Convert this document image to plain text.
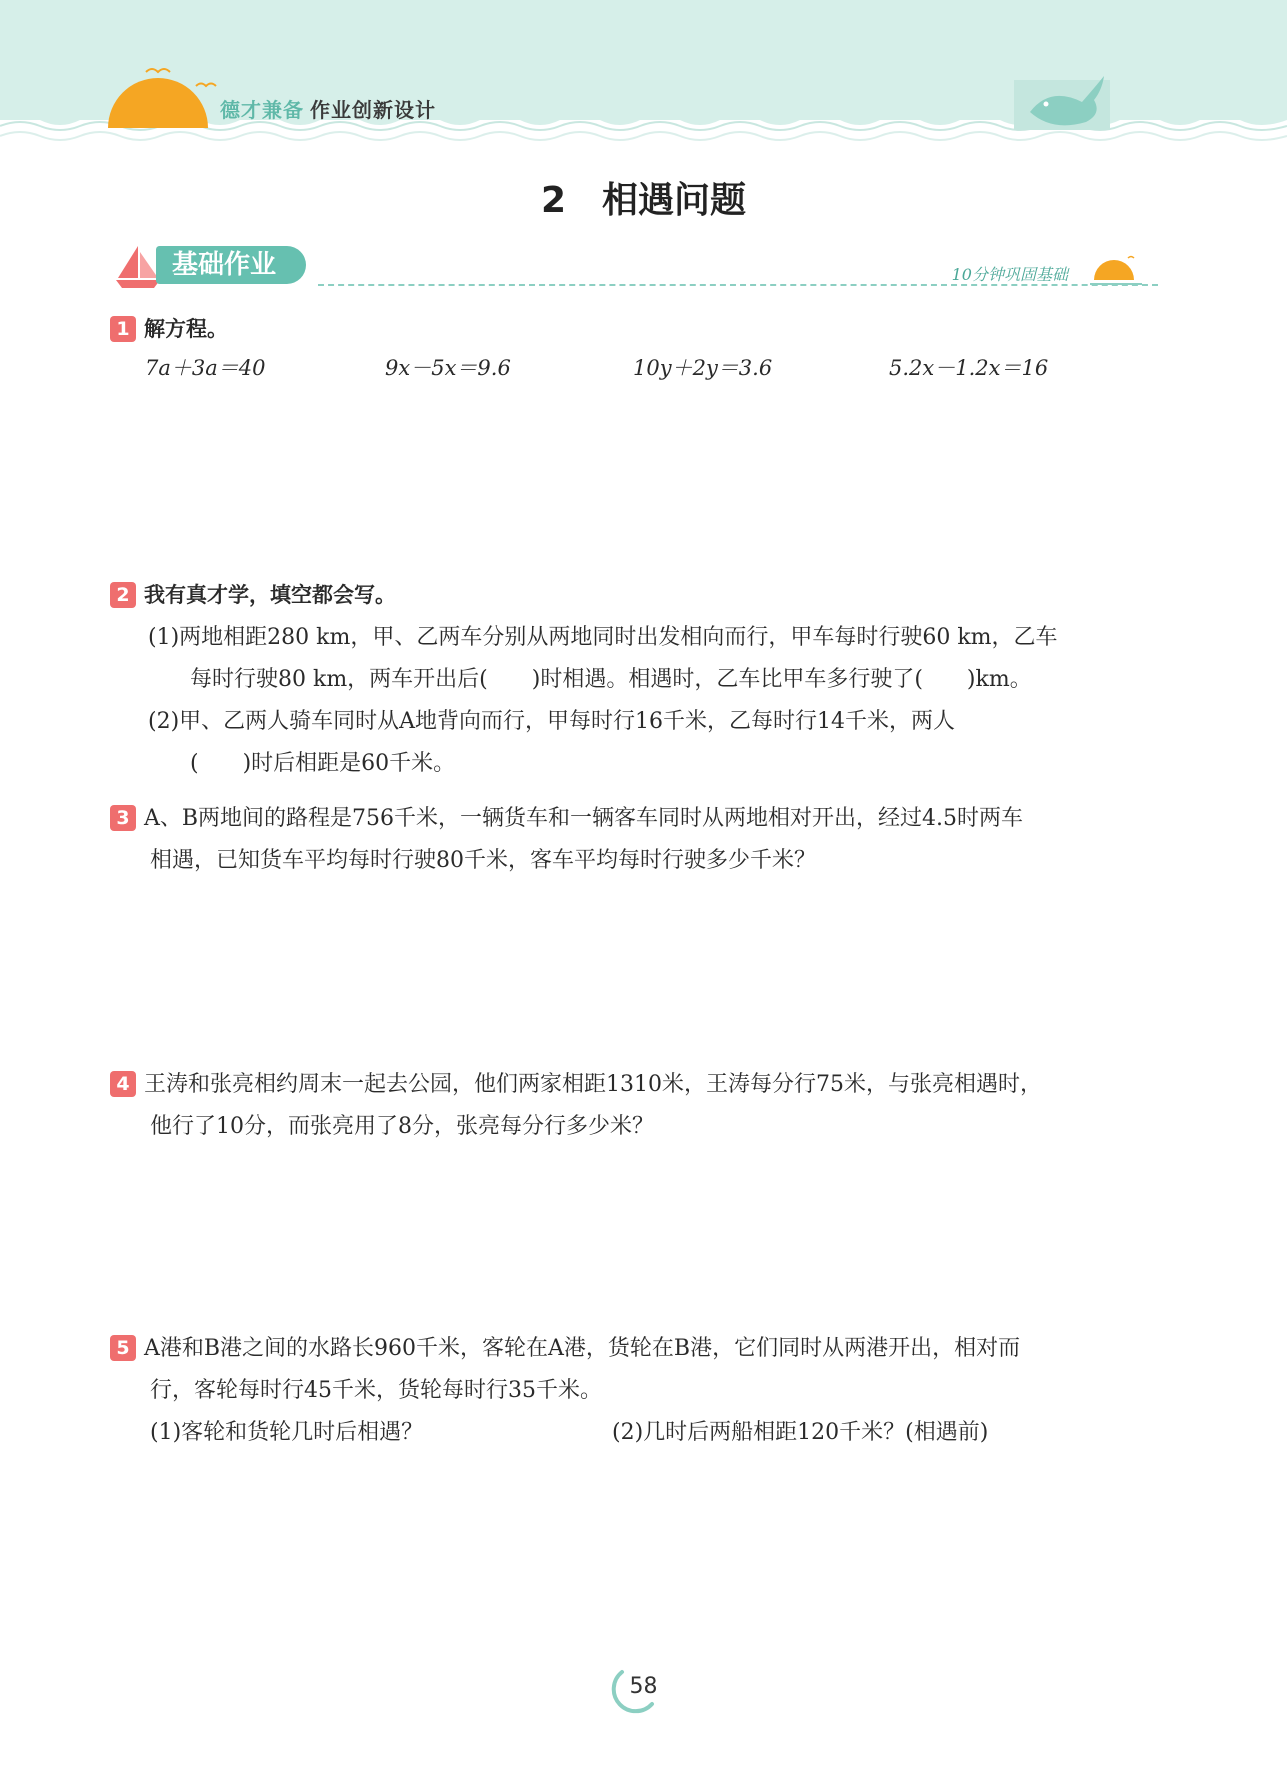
德才兼备 作业创新设计
2　相遇问题
基础作业	10分钟巩固基础
1 解方程。
7a＋3a＝40	9x－5x＝9.6	10y＋2y＝3.6	5.2x－1.2x＝16
2 我有真才学，填空都会写。
(1)两地相距280 km，甲、乙两车分别从两地同时出发相向而行，甲车每时行驶60 km，乙车
每时行驶80 km，两车开出后(　　)时相遇。相遇时，乙车比甲车多行驶了(　　)km。
(2)甲、乙两人骑车同时从A地背向而行，甲每时行16千米，乙每时行14千米，两人
(　　)时后相距是60千米。
3 A、B两地间的路程是756千米，一辆货车和一辆客车同时从两地相对开出，经过4.5时两车
相遇，已知货车平均每时行驶80千米，客车平均每时行驶多少千米？
4 王涛和张亮相约周末一起去公园，他们两家相距1310米，王涛每分行75米，与张亮相遇时，
他行了10分，而张亮用了8分，张亮每分行多少米？
5 A港和B港之间的水路长960千米，客轮在A港，货轮在B港，它们同时从两港开出，相对而
行，客轮每时行45千米，货轮每时行35千米。
(1)客轮和货轮几时后相遇？	(2)几时后两船相距120千米？(相遇前)
58
